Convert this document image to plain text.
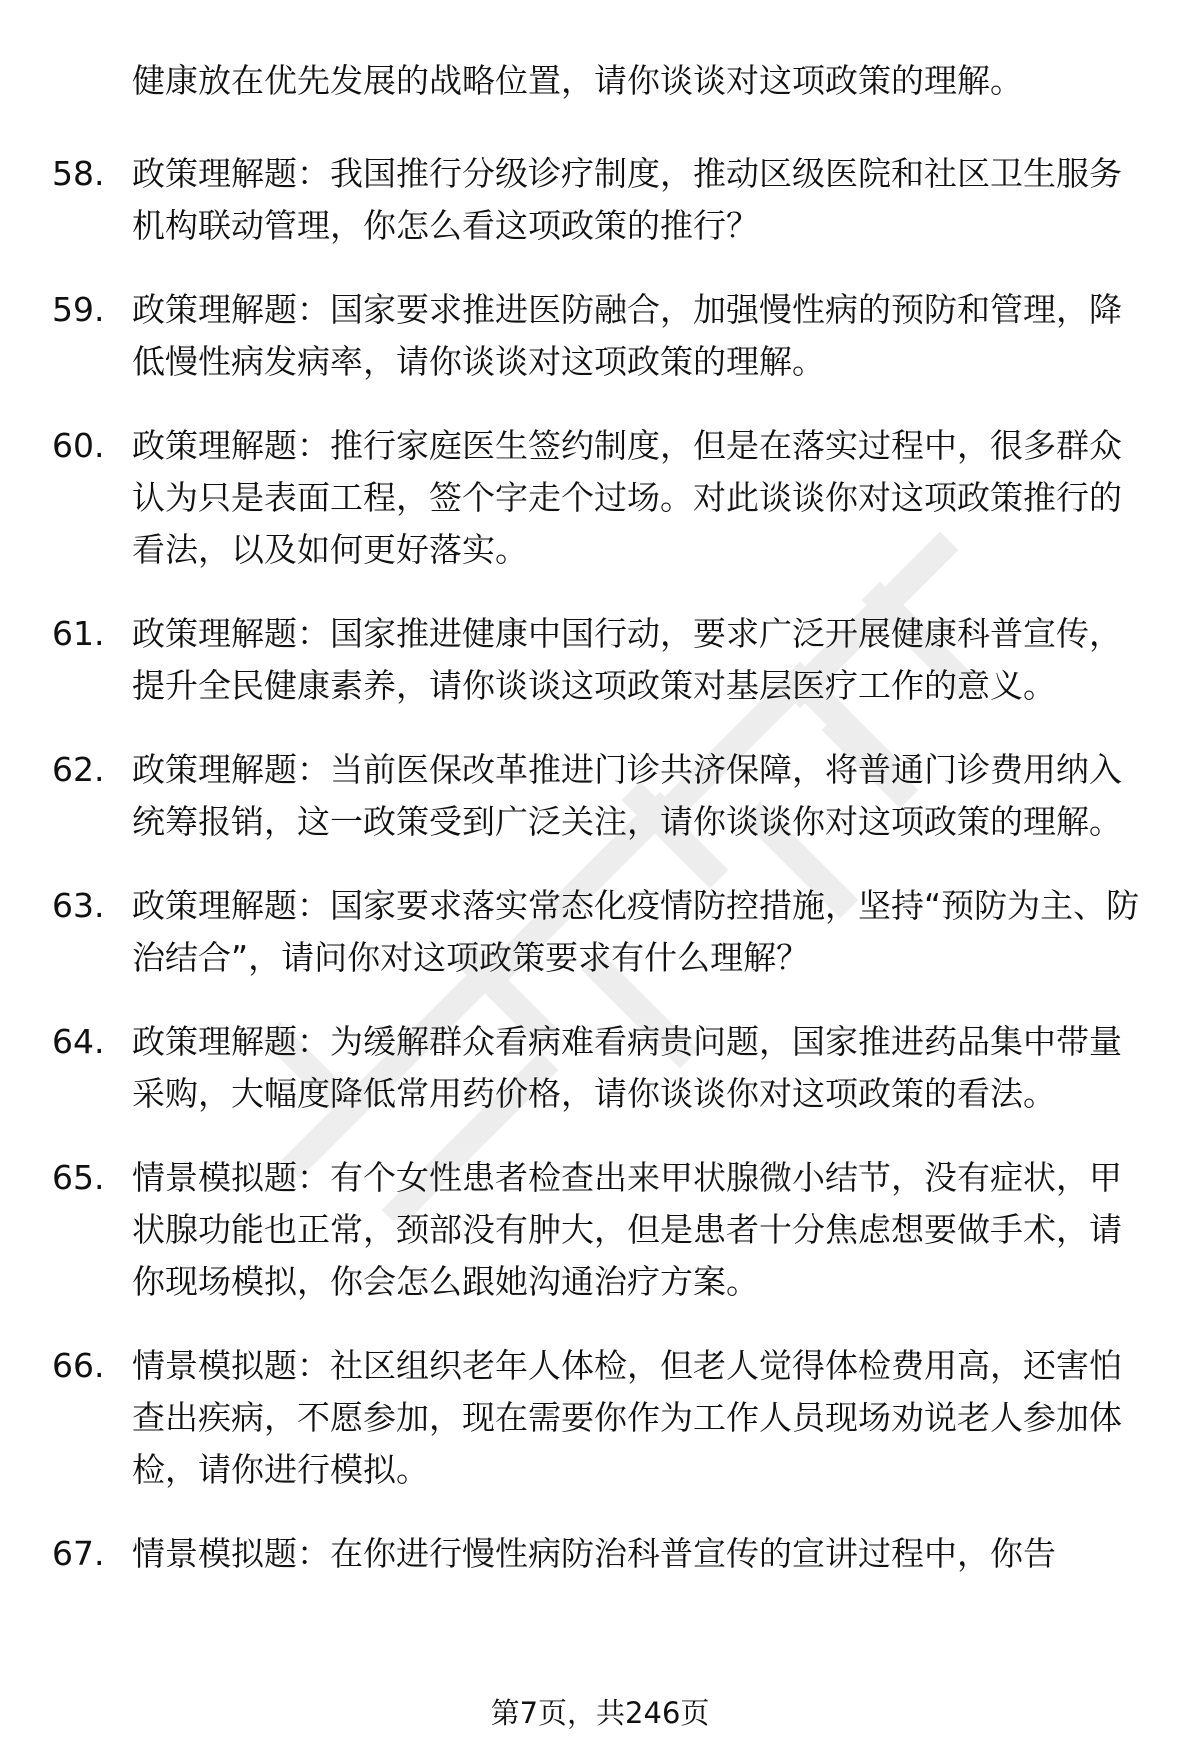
健康放在优先发展的战略位置，请你谈谈对这项政策的理解。
58. 政策理解题：我国推行分级诊疗制度，推动区级医院和社区卫生服务机构联动管理，你怎么看这项政策的推行？
59. 政策理解题：国家要求推进医防融合，加强慢性病的预防和管理，降低慢性病发病率，请你谈谈对这项政策的理解。
60. 政策理解题：推行家庭医生签约制度，但是在落实过程中，很多群众认为只是表面工程，签个字走个过场。对此谈谈你对这项政策推行的看法，以及如何更好落实。
61. 政策理解题：国家推进健康中国行动，要求广泛开展健康科普宣传，提升全民健康素养，请你谈谈这项政策对基层医疗工作的意义。
62. 政策理解题：当前医保改革推进门诊共济保障，将普通门诊费用纳入统筹报销，这一政策受到广泛关注，请你谈谈你对这项政策的理解。
63. 政策理解题：国家要求落实常态化疫情防控措施，坚持“预防为主、防治结合”，请问你对这项政策要求有什么理解？
64. 政策理解题：为缓解群众看病难看病贵问题，国家推进药品集中带量采购，大幅度降低常用药价格，请你谈谈你对这项政策的看法。
65. 情景模拟题：有个女性患者检查出来甲状腺微小结节，没有症状，甲状腺功能也正常，颈部没有肿大，但是患者十分焦虑想要做手术，请你现场模拟，你会怎么跟她沟通治疗方案。
66. 情景模拟题：社区组织老年人体检，但老人觉得体检费用高，还害怕查出疾病，不愿参加，现在需要你作为工作人员现场劝说老人参加体检，请你进行模拟。
67. 情景模拟题：在你进行慢性病防治科普宣传的宣讲过程中，你告
第7页，共246页
